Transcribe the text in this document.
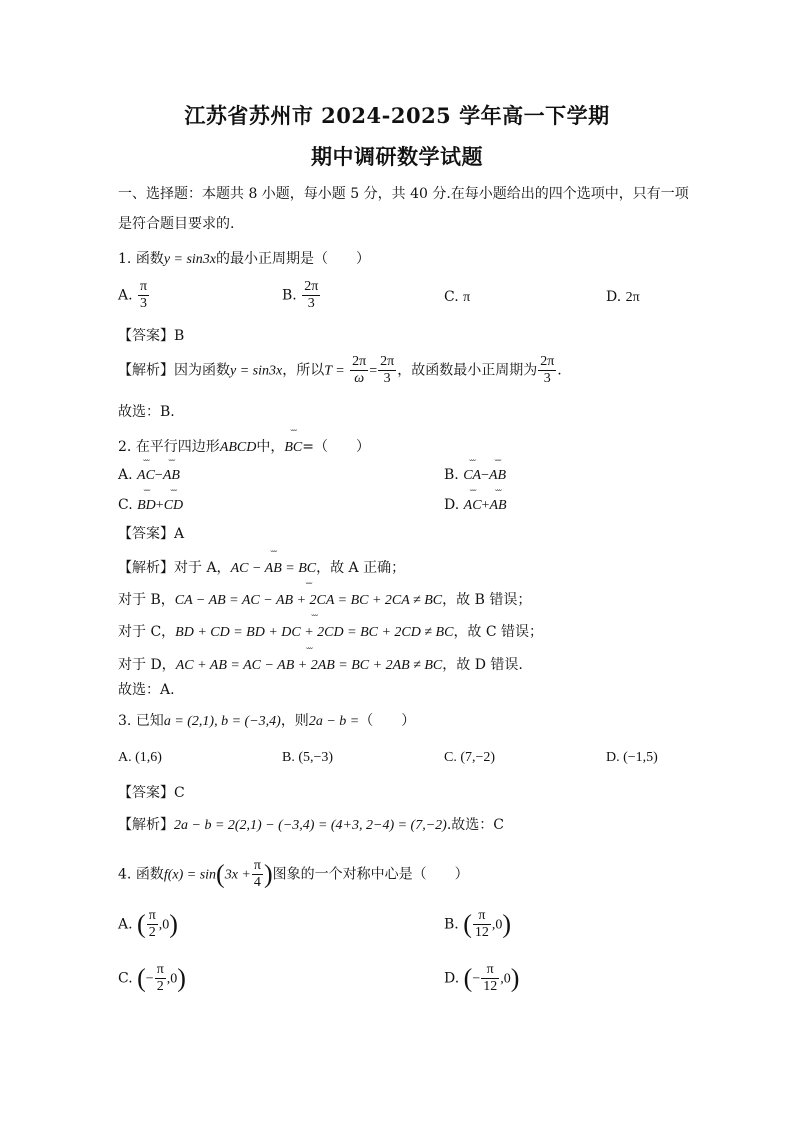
江苏省苏州市 2024-2025 学年高一下学期
期中调研数学试题
一、选择题：本题共 8 小题，每小题 5 分，共 40 分.在每小题给出的四个选项中，只有一项
是符合题目要求的.
1. 函数y = sin3x的最小正周期是（　　）
A. $\frac{\pi}{3}$	B. $\frac{2\pi}{3}$	C. π	D. 2π
【答案】B
【解析】因为函数y = sin3x，所以$T = \frac{2\pi}{\omega} = \frac{2\pi}{3}$ ，故函数最小正周期为 $\frac{2\pi}{3}$ .
故选：B.
2. 在平行四边形ABCD中，˘˘˘ BC=（　　）
A. ˘˘˘ AC−˘˘˘ AB	B. ˘˘˘ CA−˘˘˘ AB
C. ˘˘˘ BD+˘˘˘ CD	D. ˘˘˘ AC+˘˘˘ AB
【答案】A
【解析】对于 A，˘˘˘ AC − AB = BC，故 A 正确；
对于 B，˘˘˘ CA − AB = AC − AB + 2CA = BC + 2CA ≠ BC，故 B 错误；
对于 C，˘˘˘ BD + CD = BD + DC + 2CD = BC + 2CD ≠ BC，故 C 错误；
对于 D，˘˘˘ AC + AB = AC − AB + 2AB = BC + 2AB ≠ BC，故 D 错误.
故选：A.
3. 已知a = (2,1), b = (−3,4)，则2a − b =（　　）
A. (1,6)	B. (5,−3)	C. (7,−2)	D. (−1,5)
【答案】C
【解析】2a − b = 2(2,1) − (−3,4) = (4+3, 2−4) = (7,−2).故选：C
4. 函数$f(x) = \sin(3x + \frac{\pi}{4}$ )图象的一个对称中心是（　　）
A. ( $\frac{\pi}{2} ,0$)	B. ( $\frac{\pi}{12} ,0$)
C. (− $\frac{\pi}{2} ,0$)	D. (− $\frac{\pi}{12} ,0$)
